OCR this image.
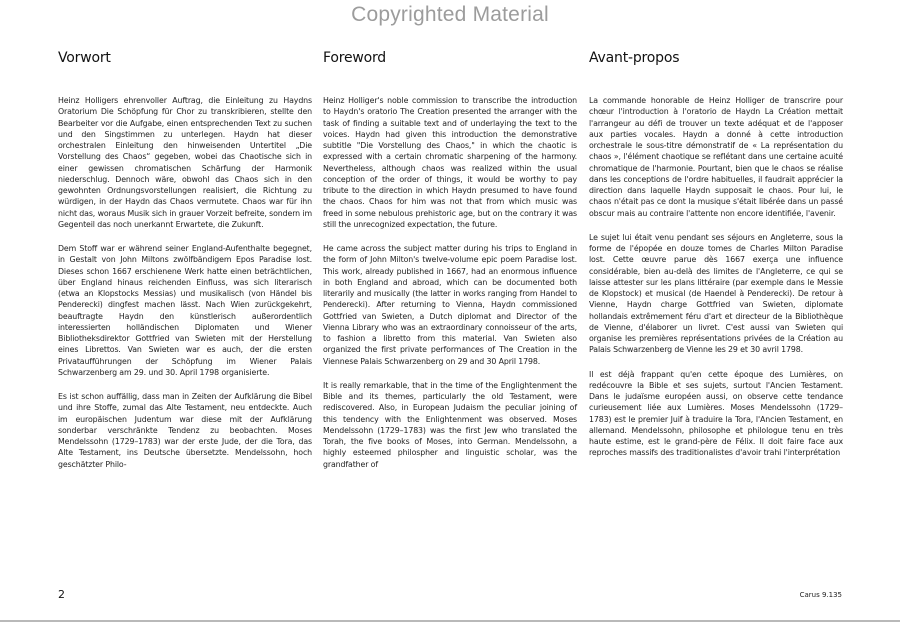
Copyrighted Material
Vorwort

Heinz Holligers ehrenvoller Auftrag, die Einleitung zu Haydns Oratorium Die Schöpfung für Chor zu transkribieren, stellte den Bearbeiter vor die Aufgabe, einen entsprechenden Text zu suchen und den Singstimmen zu unterlegen. Haydn hat dieser orchestralen Einleitung den hinweisenden Untertitel „Die Vorstellung des Chaos“ gegeben, wobei das Chaotische sich in einer gewissen chromatischen Schärfung der Harmonik niederschlug. Dennoch wäre, obwohl das Chaos sich in den gewohnten Ordnungsvorstellungen realisiert, die Richtung zu würdigen, in der Haydn das Chaos vermutete. Chaos war für ihn nicht das, woraus Musik sich in grauer Vorzeit befreite, sondern im Gegenteil das noch unerkannt Erwartete, die Zukunft.

Dem Stoff war er während seiner England-Aufenthalte begegnet, in Gestalt von John Miltons zwölfbändigem Epos Paradise lost. Dieses schon 1667 erschienene Werk hatte einen beträchtlichen, über England hinaus reichenden Einfluss, was sich literarisch (etwa an Klopstocks Messias) und musikalisch (von Händel bis Penderecki) dingfest machen lässt. Nach Wien zurückgekehrt, beauftragte Haydn den künstlerisch außerordentlich interessierten holländischen Diplomaten und Wiener Bibliotheksdirektor Gottfried van Swieten mit der Herstellung eines Librettos. Van Swieten war es auch, der die ersten Privataufführungen der Schöpfung im Wiener Palais Schwarzenberg am 29. und 30. April 1798 organisierte.

Es ist schon auffällig, dass man in Zeiten der Aufklärung die Bibel und ihre Stoffe, zumal das Alte Testament, neu entdeckte. Auch im europäischen Judentum war diese mit der Aufklärung sonderbar verschränkte Tendenz zu beobachten. Moses Mendelssohn (1729–1783) war der erste Jude, der die Tora, das Alte Testament, ins Deutsche übersetzte. Mendelssohn, hoch geschätzter Philo-

Foreword

Heinz Holliger's noble commission to transcribe the introduction to Haydn's oratorio The Creation presented the arranger with the task of finding a suitable text and of underlaying the text to the voices. Haydn had given this introduction the demonstrative subtitle "Die Vorstellung des Chaos," in which the chaotic is expressed with a certain chromatic sharpening of the harmony. Nevertheless, although chaos was realized within the usual conception of the order of things, it would be worthy to pay tribute to the direction in which Haydn presumed to have found the chaos. Chaos for him was not that from which music was freed in some nebulous prehistoric age, but on the contrary it was still the unrecognized expectation, the future.

He came across the subject matter during his trips to England in the form of John Milton's twelve-volume epic poem Paradise lost. This work, already published in 1667, had an enormous influence in both England and abroad, which can be documented both literarily and musically (the latter in works ranging from Handel to Penderecki). After returning to Vienna, Haydn commissioned Gottfried van Swieten, a Dutch diplomat and Director of the Vienna Library who was an extraordinary connoisseur of the arts, to fashion a libretto from this material. Van Swieten also organized the first private performances of The Creation in the Viennese Palais Schwarzenberg on 29 and 30 April 1798.

It is really remarkable, that in the time of the Englightenment the Bible and its themes, particularly the old Testament, were rediscovered. Also, in European Judaism the peculiar joining of this tendency with the Enlightenment was observed. Moses Mendelssohn (1729–1783) was the first Jew who translated the Torah, the five books of Moses, into German. Mendelssohn, a highly esteemed philospher and linguistic scholar, was the grandfather of

Avant-propos

La commande honorable de Heinz Holliger de transcrire pour chœur l'introduction à l'oratorio de Haydn La Création mettait l'arrangeur au défi de trouver un texte adéquat et de l'apposer aux parties vocales. Haydn a donné à cette introduction orchestrale le sous-titre démonstratif de « La représentation du chaos », l'élément chaotique se reflétant dans une certaine acuité chromatique de l'harmonie. Pourtant, bien que le chaos se réalise dans les conceptions de l'ordre habituelles, il faudrait apprécier la direction dans laquelle Haydn supposait le chaos. Pour lui, le chaos n'était pas ce dont la musique s'était libérée dans un passé obscur mais au contraire l'attente non encore identifiée, l'avenir.

Le sujet lui était venu pendant ses séjours en Angleterre, sous la forme de l'épopée en douze tomes de Charles Milton Paradise lost. Cette œuvre parue dès 1667 exerça une influence considérable, bien au-delà des limites de l'Angleterre, ce qui se laisse attester sur les plans littéraire (par exemple dans le Messie de Klopstock) et musical (de Haendel à Penderecki). De retour à Vienne, Haydn charge Gottfried van Swieten, diplomate hollandais extrêmement féru d'art et directeur de la Bibliothèque de Vienne, d'élaborer un livret. C'est aussi van Swieten qui organise les premières représentations privées de la Création au Palais Schwarzenberg de Vienne les 29 et 30 avril 1798.

Il est déjà frappant qu'en cette époque des Lumières, on redécouvre la Bible et ses sujets, surtout l'Ancien Testament. Dans le judaïsme européen aussi, on observe cette tendance curieusement liée aux Lumières. Moses Mendelssohn (1729–1783) est le premier Juif à traduire la Tora, l'Ancien Testament, en allemand. Mendelssohn, philosophe et philologue tenu en très haute estime, est le grand-père de Félix. Il doit faire face aux reproches massifs des traditionalistes d'avoir trahi l'interprétation

2	Carus 9.135
